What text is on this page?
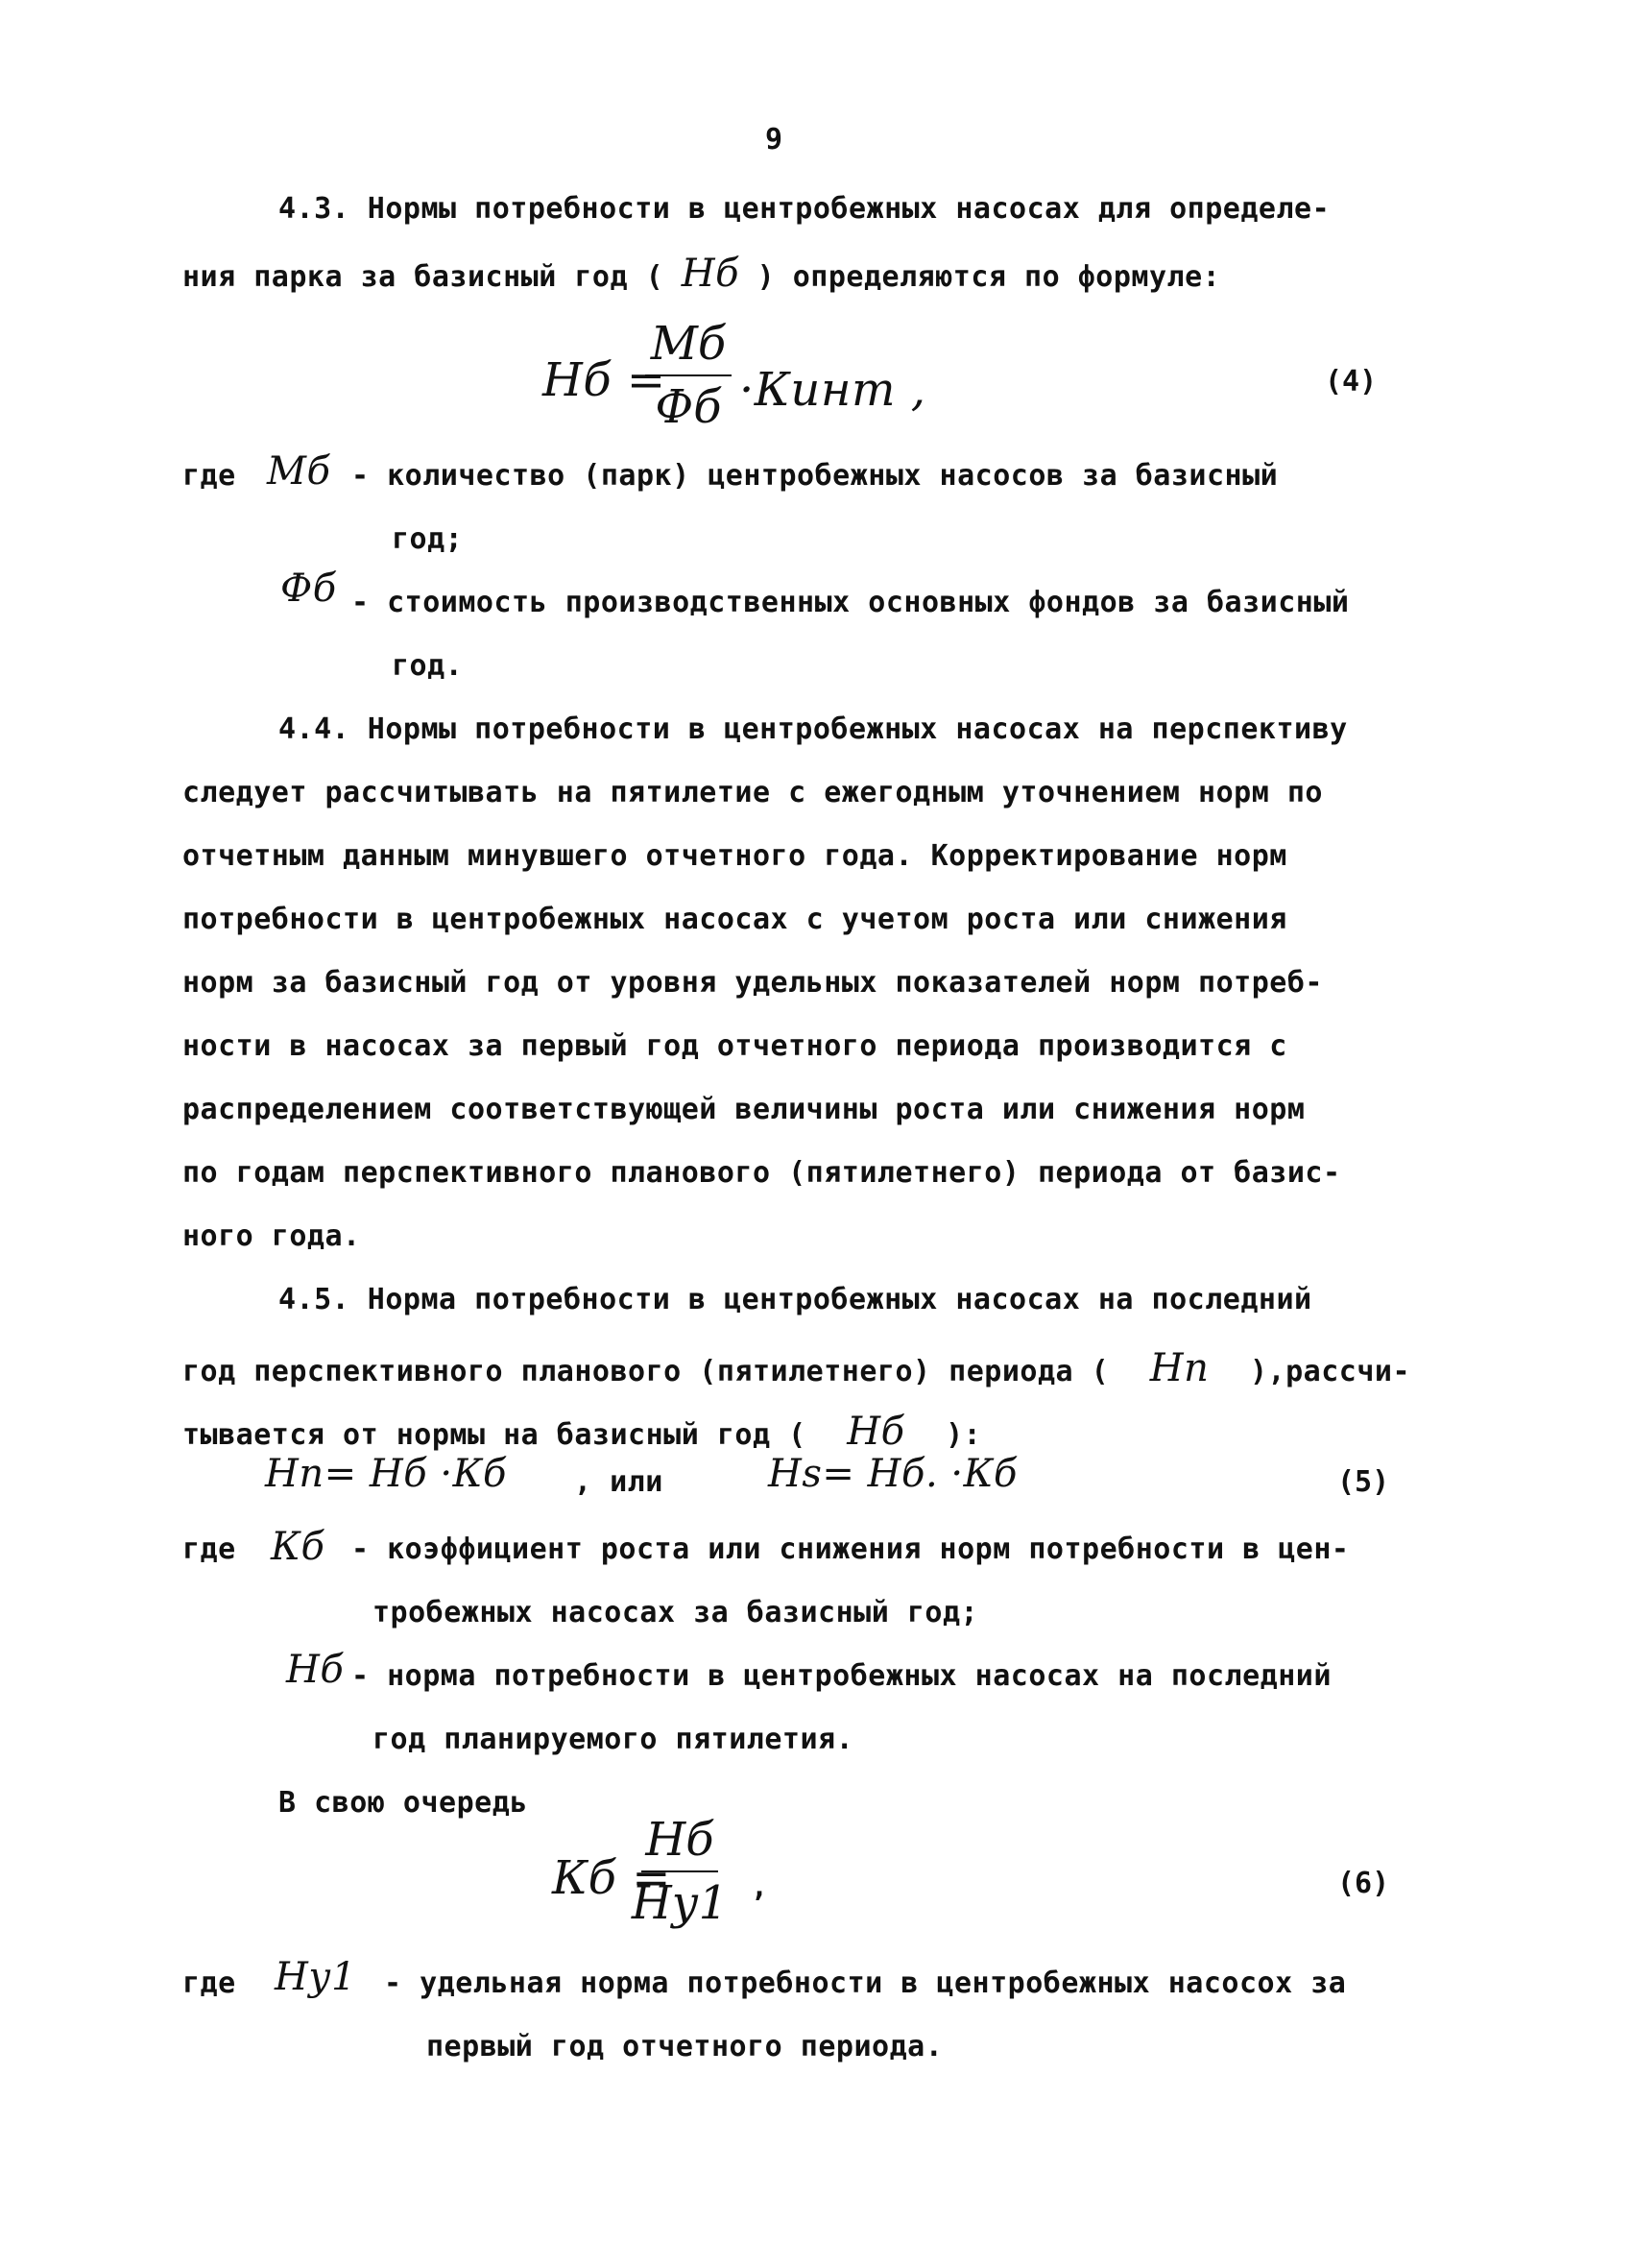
9
4.3. Нормы потребности в центробежных насосах для определе-
ния парка за базисный год ( Нб ) определяются по формуле:
Нб =
Mб
Фб ·Кинт ,	(4)
где Mб - количество (парк) центробежных насосов за базисный
год;
Фб - стоимость производственных основных фондов за базисный
год.
4.4. Нормы потребности в центробежных насосах на перспективу
следует рассчитывать на пятилетие с ежегодным уточнением норм по
отчетным данным минувшего отчетного года. Корректирование норм
потребности в центробежных насосах с учетом роста или снижения
норм за базисный год от уровня удельных показателей норм потреб-
ности в насосах за первый год отчетного периода производится с
распределением соответствующей величины роста или снижения норм
по годам перспективного планового (пятилетнего) периода от базис-
ного года.
4.5. Норма потребности в центробежных насосах на последний
год перспективного планового (пятилетнего) периода ( Нп ),рассчи-
тывается от нормы на базисный год ( Нб ):
Нп= Нб ·Кб , или	Нs= Нб. ·Кб	(5)
где Кб - коэффициент роста или снижения норм потребности в цен-
тробежных насосах за базисный год;
Нб - норма потребности в центробежных насосах на последний
год планируемого пятилетия.
В свою очередь
Кб =
Нб
Ну1 ,	(6)
где Ну1 - удельная норма потребности в центробежных насосох за
первый год отчетного периода.
